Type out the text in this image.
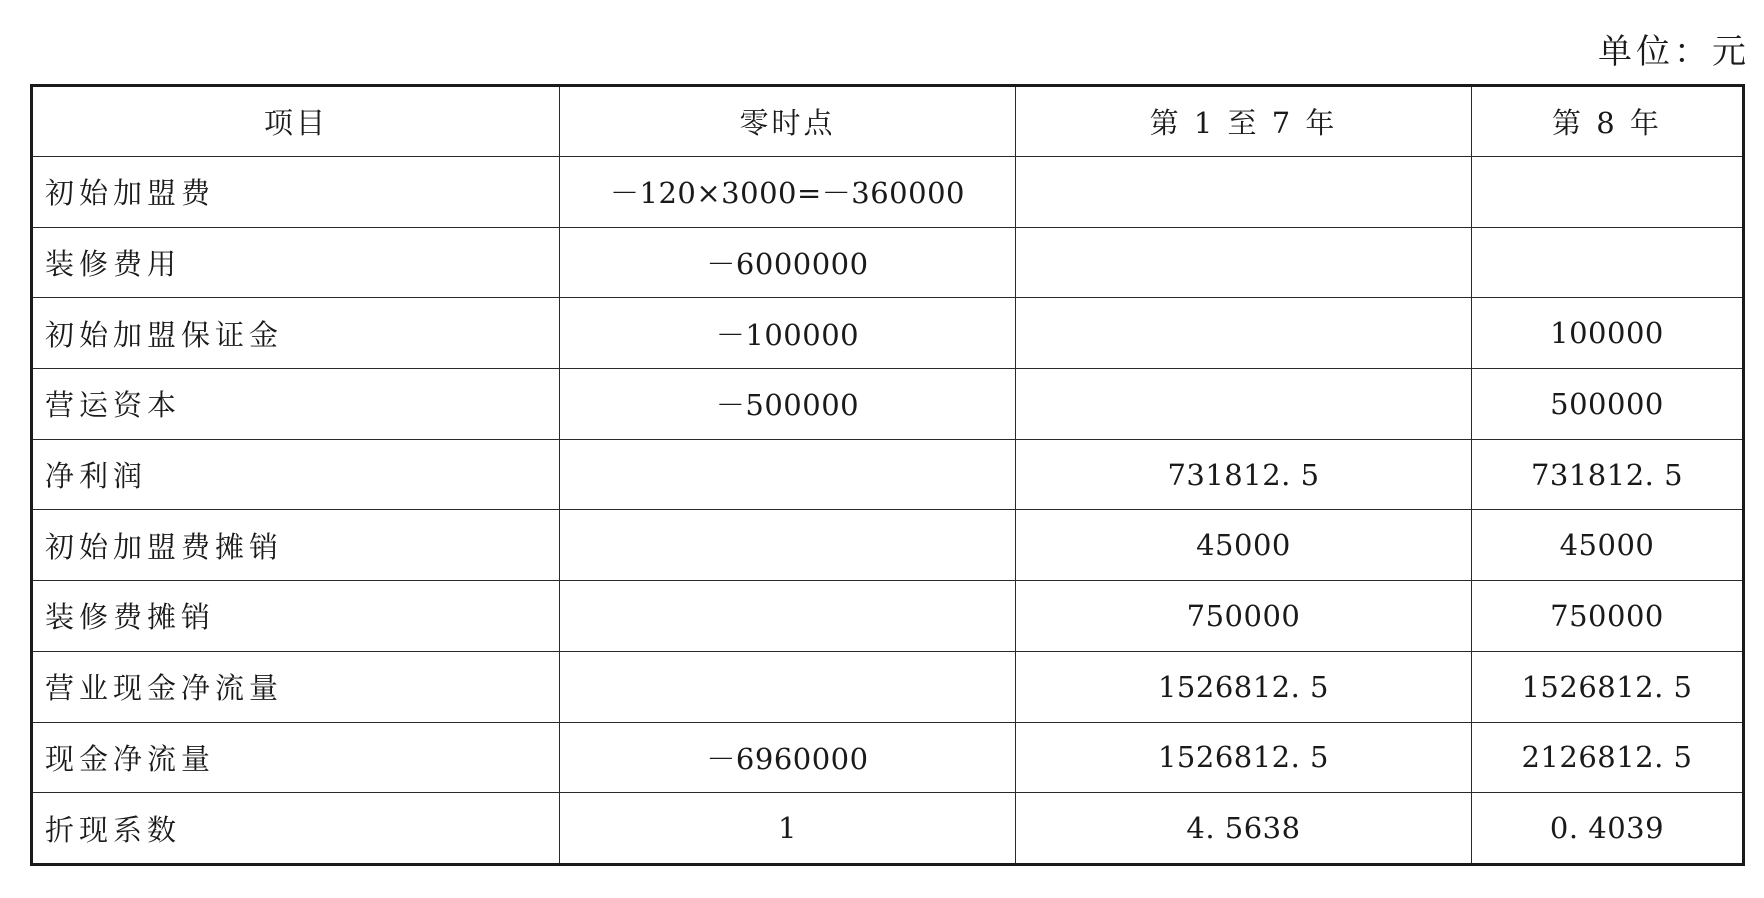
单位：元
项目	零时点	第 1 至 7 年	第 8 年
初始加盟费	－120×3000=－360000		
装修费用	－6000000		
初始加盟保证金	－100000		100000
营运资本	－500000		500000
净利润		731812. 5	731812. 5
初始加盟费摊销		45000	45000
装修费摊销		750000	750000
营业现金净流量		1526812. 5	1526812. 5
现金净流量	－6960000	1526812. 5	2126812. 5
折现系数	1	4. 5638	0. 4039
